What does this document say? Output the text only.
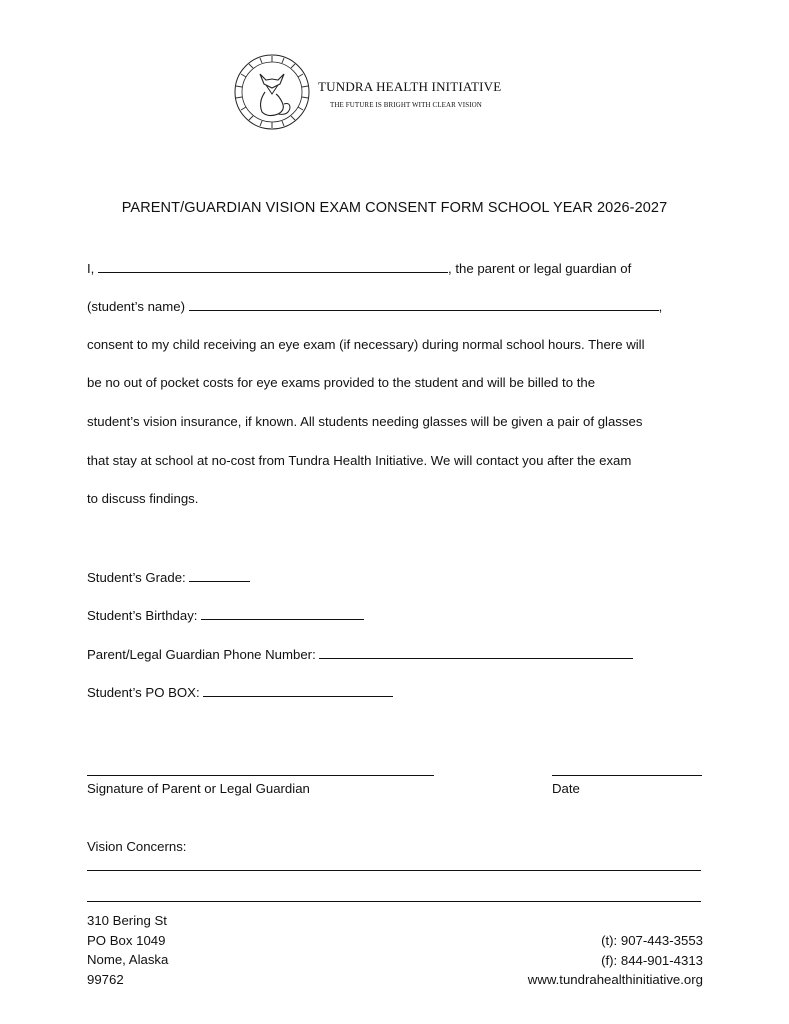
TUNDRA HEALTH INITIATIVE
THE FUTURE IS BRIGHT WITH CLEAR VISION
PARENT/GUARDIAN VISION EXAM CONSENT FORM SCHOOL YEAR 2026-2027
I,	, the parent or legal guardian of
(student’s name)	,
consent to my child receiving an eye exam (if necessary) during normal school hours. There will
be no out of pocket costs for eye exams provided to the student and will be billed to the
student’s vision insurance, if known. All students needing glasses will be given a pair of glasses
that stay at school at no-cost from Tundra Health Initiative. We will contact you after the exam
to discuss findings.
Student’s Grade:
Student’s Birthday:
Parent/Legal Guardian Phone Number:
Student’s PO BOX:
Signature of Parent or Legal Guardian	Date
Vision Concerns:
310 Bering St
PO Box 1049
Nome, Alaska
99762
(t): 907-443-3553
(f): 844-901-4313
www.tundrahealthinitiative.org
